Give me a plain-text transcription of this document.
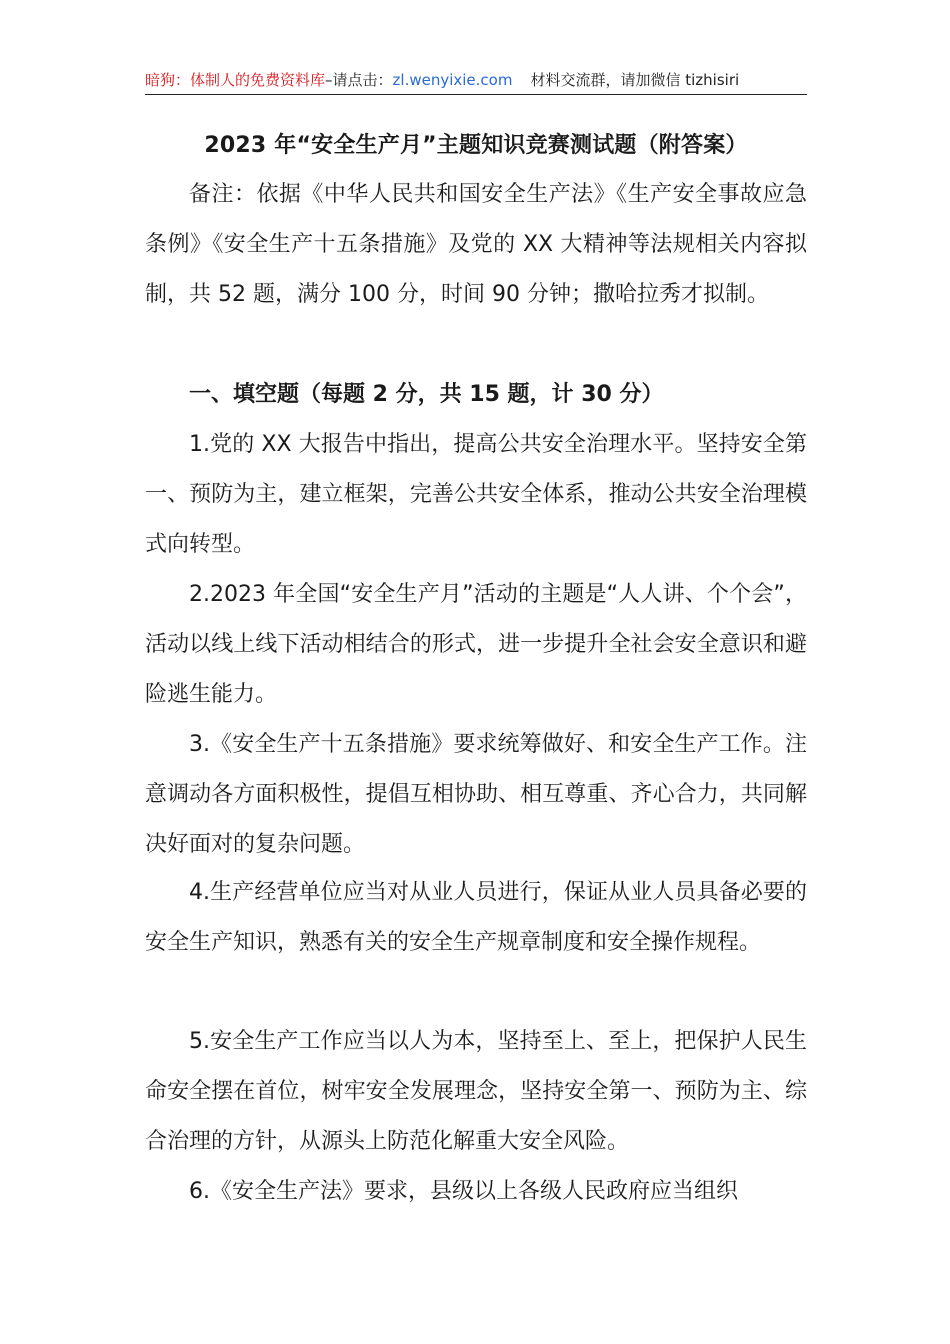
暗狗：体制人的免费资料库–请点击：zl.wenyixie.com 材料交流群，请加微信 tizhisiri
2023 年“安全生产月”主题知识竞赛测试题（附答案）

备注：依据《中华人民共和国安全生产法》《生产安全事故应急条例》《安全生产十五条措施》及党的 XX 大精神等法规相关内容拟制，共 52 题，满分 100 分，时间 90 分钟；撒哈拉秀才拟制。

一、填空题（每题 2 分，共 15 题，计 30 分）

1.党的 XX 大报告中指出，提高公共安全治理水平。坚持安全第一、预防为主，建立框架，完善公共安全体系，推动公共安全治理模式向转型。

2.2023 年全国“安全生产月”活动的主题是“人人讲、个个会”，活动以线上线下活动相结合的形式，进一步提升全社会安全意识和避险逃生能力。

3.《安全生产十五条措施》要求统筹做好、和安全生产工作。注意调动各方面积极性，提倡互相协助、相互尊重、齐心合力，共同解决好面对的复杂问题。

4.生产经营单位应当对从业人员进行，保证从业人员具备必要的安全生产知识，熟悉有关的安全生产规章制度和安全操作规程。

5.安全生产工作应当以人为本，坚持至上、至上，把保护人民生命安全摆在首位，树牢安全发展理念，坚持安全第一、预防为主、综合治理的方针，从源头上防范化解重大安全风险。

6.《安全生产法》要求，县级以上各级人民政府应当组织
